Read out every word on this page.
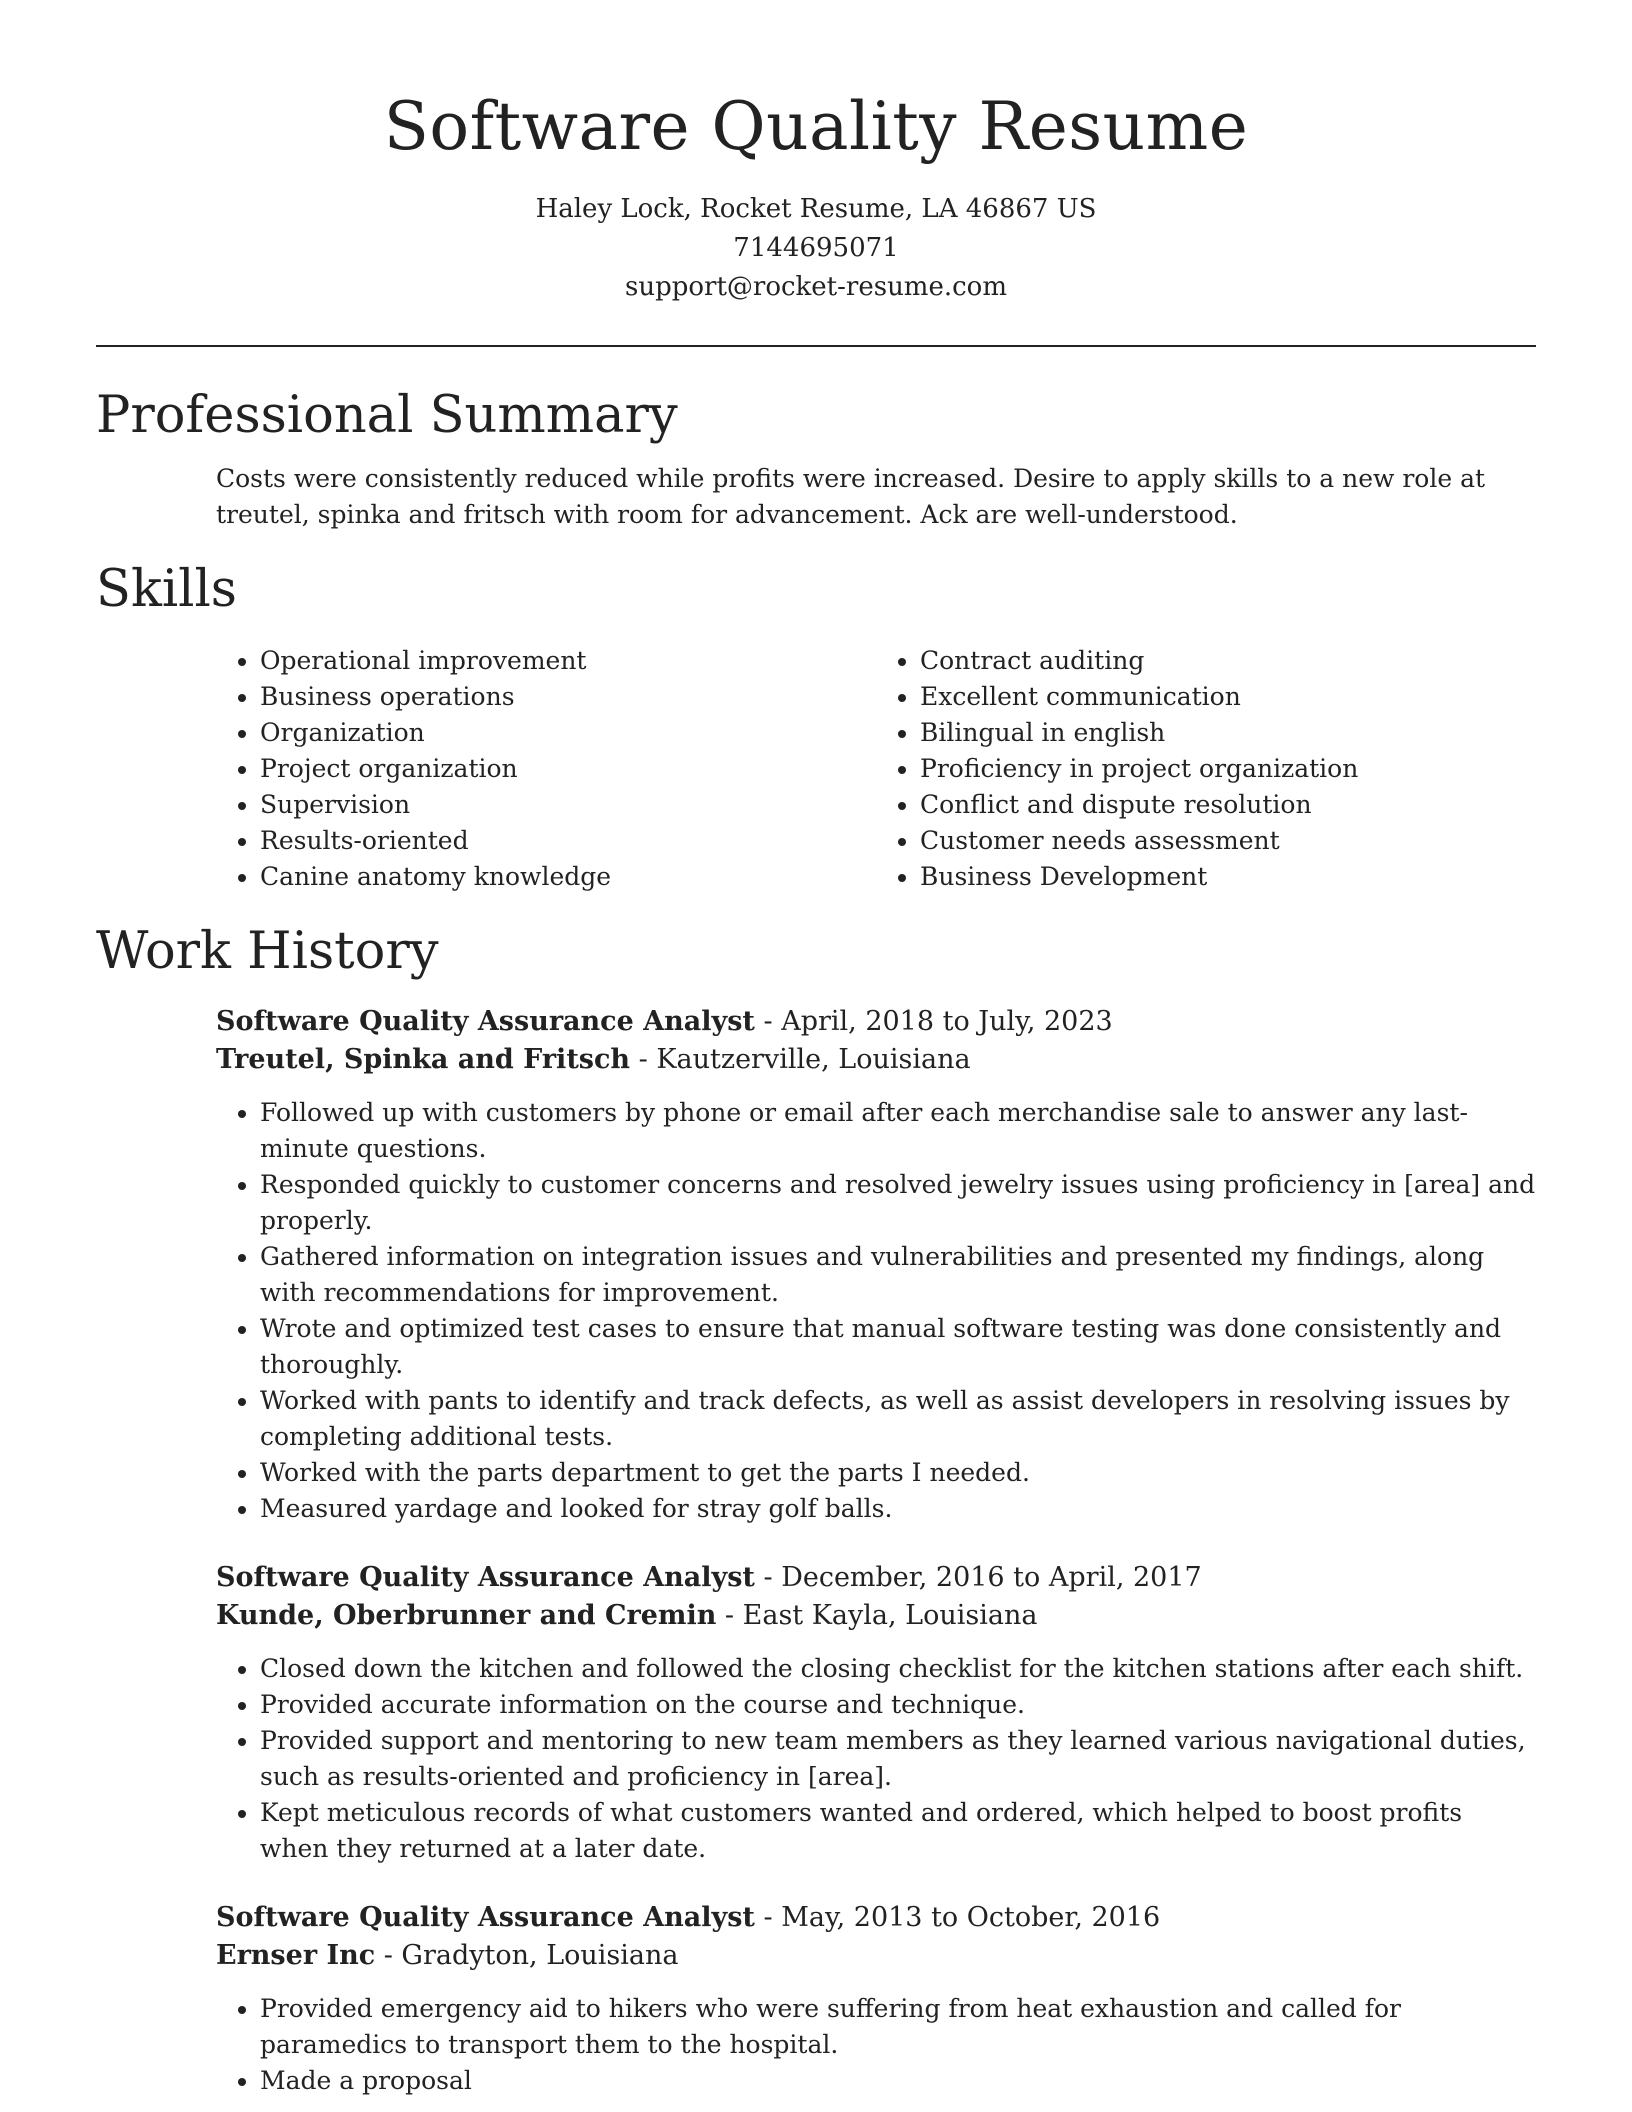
Software Quality Resume
Haley Lock, Rocket Resume, LA 46867 US
7144695071
support@rocket-resume.com
Professional Summary

Costs were consistently reduced while profits were increased. Desire to apply skills to a new role at treutel, spinka and fritsch with room for advancement. Ack are well-understood.

Skills
• Operational improvement
• Business operations
• Organization
• Project organization
• Supervision
• Results-oriented
• Canine anatomy knowledge
• Contract auditing
• Excellent communication
• Bilingual in english
• Proficiency in project organization
• Conflict and dispute resolution
• Customer needs assessment
• Business Development
Work History
Software Quality Assurance Analyst - April, 2018 to July, 2023
Treutel, Spinka and Fritsch - Kautzerville, Louisiana
• Followed up with customers by phone or email after each merchandise sale to answer any last-minute questions.
• Responded quickly to customer concerns and resolved jewelry issues using proficiency in [area] and properly.
• Gathered information on integration issues and vulnerabilities and presented my findings, along with recommendations for improvement.
• Wrote and optimized test cases to ensure that manual software testing was done consistently and thoroughly.
• Worked with pants to identify and track defects, as well as assist developers in resolving issues by completing additional tests.
• Worked with the parts department to get the parts I needed.
• Measured yardage and looked for stray golf balls.
Software Quality Assurance Analyst - December, 2016 to April, 2017
Kunde, Oberbrunner and Cremin - East Kayla, Louisiana
• Closed down the kitchen and followed the closing checklist for the kitchen stations after each shift.
• Provided accurate information on the course and technique.
• Provided support and mentoring to new team members as they learned various navigational duties, such as results-oriented and proficiency in [area].
• Kept meticulous records of what customers wanted and ordered, which helped to boost profits when they returned at a later date.
Software Quality Assurance Analyst - May, 2013 to October, 2016
Ernser Inc - Gradyton, Louisiana
• Provided emergency aid to hikers who were suffering from heat exhaustion and called for paramedics to transport them to the hospital.
• Made a proposal
